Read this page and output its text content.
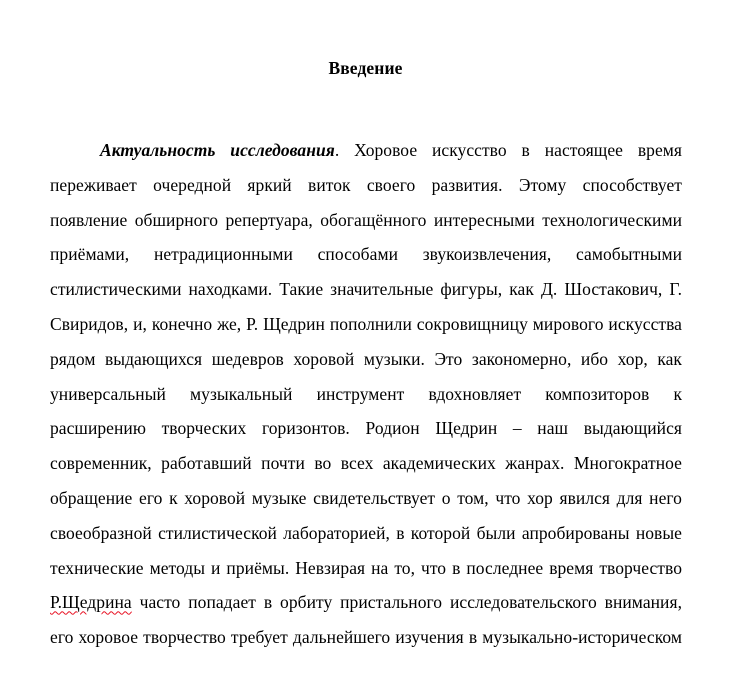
Введение

Актуальность исследования. Хоровое искусство в настоящее время переживает очередной яркий виток своего развития. Этому способствует появление обширного репертуара, обогащённого интересными технологическими приёмами, нетрадиционными способами звукоизвлечения, самобытными стилистическими находками. Такие значительные фигуры, как Д. Шостакович, Г. Свиридов, и, конечно же, Р. Щедрин пополнили сокровищницу мирового искусства рядом выдающихся шедевров хоровой музыки. Это закономерно, ибо хор, как универсальный музыкальный инструмент вдохновляет композиторов к расширению творческих горизонтов. Родион Щедрин – наш выдающийся современник, работавший почти во всех академических жанрах. Многократное обращение его к хоровой музыке свидетельствует о том, что хор явился для него своеобразной стилистической лабораторией, в которой были апробированы новые технические методы и приёмы. Невзирая на то, что в последнее время творчество Р.Щедрина часто попадает в орбиту пристального исследовательского внимания, его хоровое творчество требует дальнейшего изучения в музыкально-историческом
